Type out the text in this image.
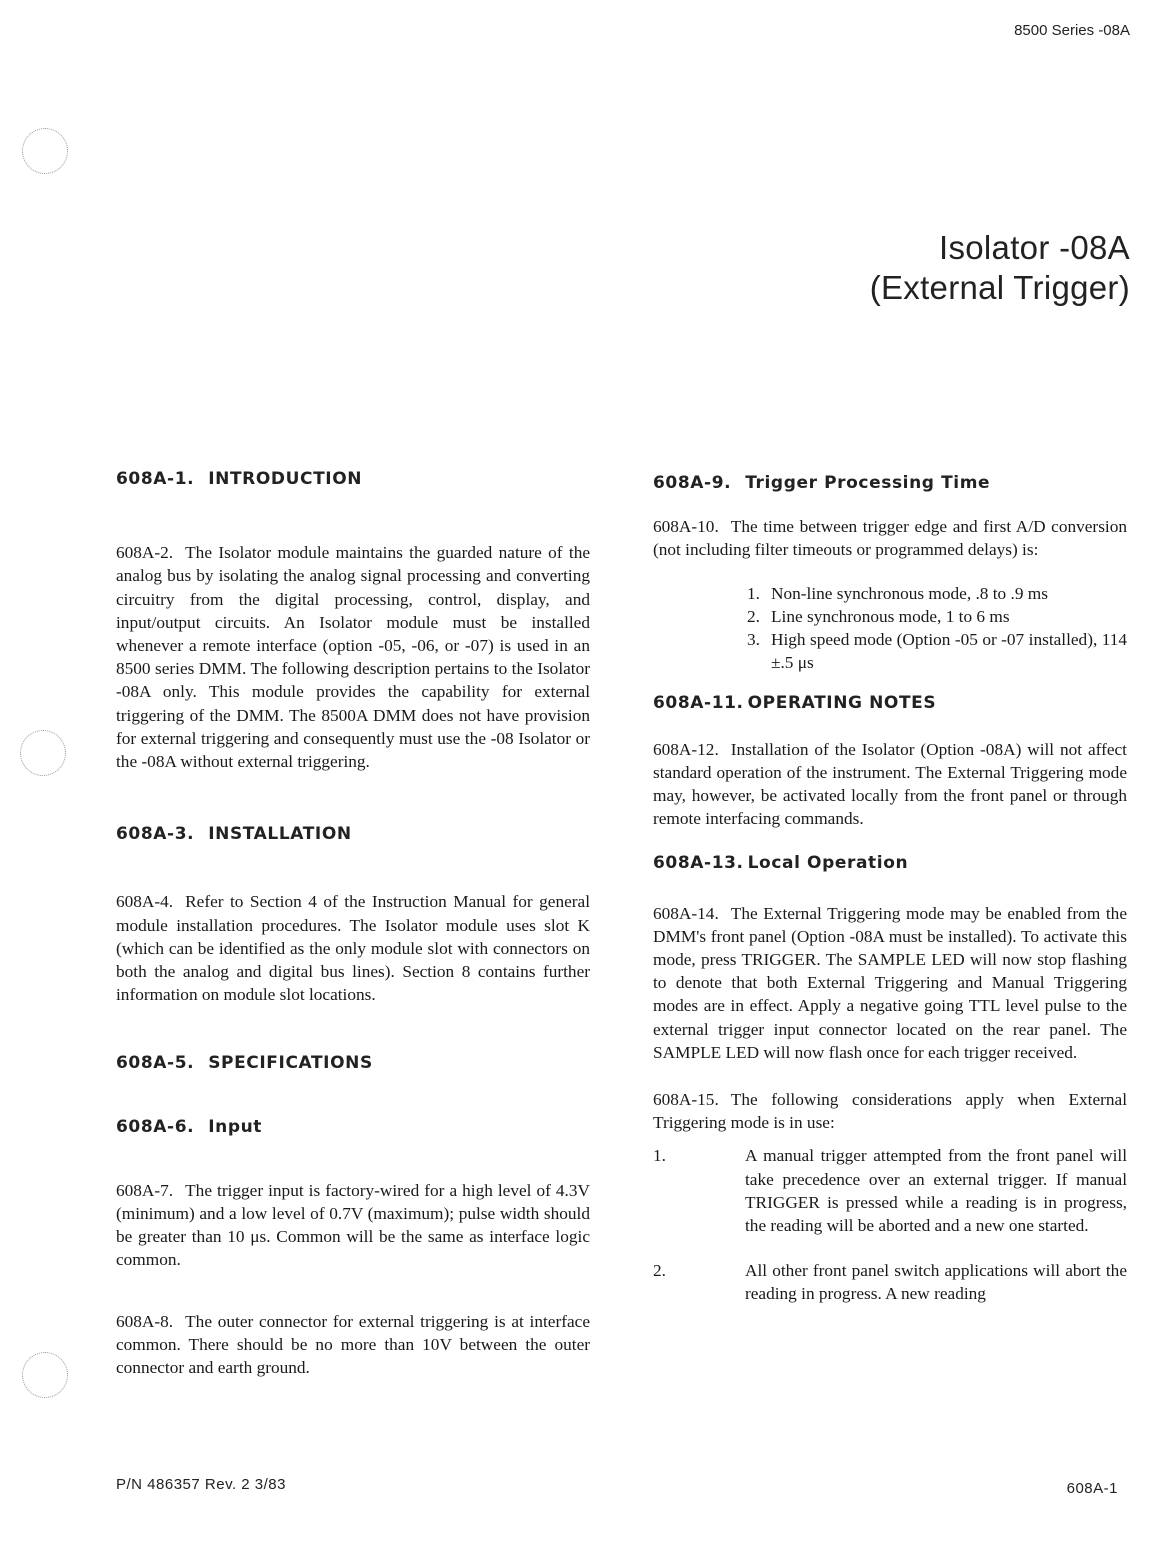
8500 Series -08A
Isolator -08A
(External Trigger)
608A-1. INTRODUCTION

608A-2. The Isolator module maintains the guarded nature of the analog bus by isolating the analog signal processing and converting circuitry from the digital processing, control, display, and input/output circuits. An Isolator module must be installed whenever a remote interface (option -05, -06, or -07) is used in an 8500 series DMM. The following description pertains to the Isolator -08A only. This module provides the capability for external triggering of the DMM. The 8500A DMM does not have provision for external triggering and consequently must use the -08 Isolator or the -08A without external triggering.

608A-3. INSTALLATION

608A-4. Refer to Section 4 of the Instruction Manual for general module installation procedures. The Isolator module uses slot K (which can be identified as the only module slot with connectors on both the analog and digital bus lines). Section 8 contains further information on module slot locations.

608A-5. SPECIFICATIONS
608A-6. Input

608A-7. The trigger input is factory-wired for a high level of 4.3V (minimum) and a low level of 0.7V (maximum); pulse width should be greater than 10 μs. Common will be the same as interface logic common.

608A-8. The outer connector for external triggering is at interface common. There should be no more than 10V between the outer connector and earth ground.

608A-9. Trigger Processing Time

608A-10. The time between trigger edge and first A/D conversion (not including filter timeouts or programmed delays) is:

1. Non-line synchronous mode, .8 to .9 ms
2. Line synchronous mode, 1 to 6 ms
3. High speed mode (Option -05 or -07 installed), 114 ±.5 μs
608A-11. OPERATING NOTES

608A-12. Installation of the Isolator (Option -08A) will not affect standard operation of the instrument. The External Triggering mode may, however, be activated locally from the front panel or through remote interfacing commands.

608A-13. Local Operation

608A-14. The External Triggering mode may be enabled from the DMM's front panel (Option -08A must be installed). To activate this mode, press TRIGGER. The SAMPLE LED will now stop flashing to denote that both External Triggering and Manual Triggering modes are in effect. Apply a negative going TTL level pulse to the external trigger input connector located on the rear panel. The SAMPLE LED will now flash once for each trigger received.

608A-15. The following considerations apply when External Triggering mode is in use:

1.	A manual trigger attempted from the front panel will take precedence over an external trigger. If manual TRIGGER is pressed while a reading is in progress, the reading will be aborted and a new one started.
2.	All other front panel switch applications will abort the reading in progress. A new reading
P/N 486357 Rev. 2 3/83	608A-1
